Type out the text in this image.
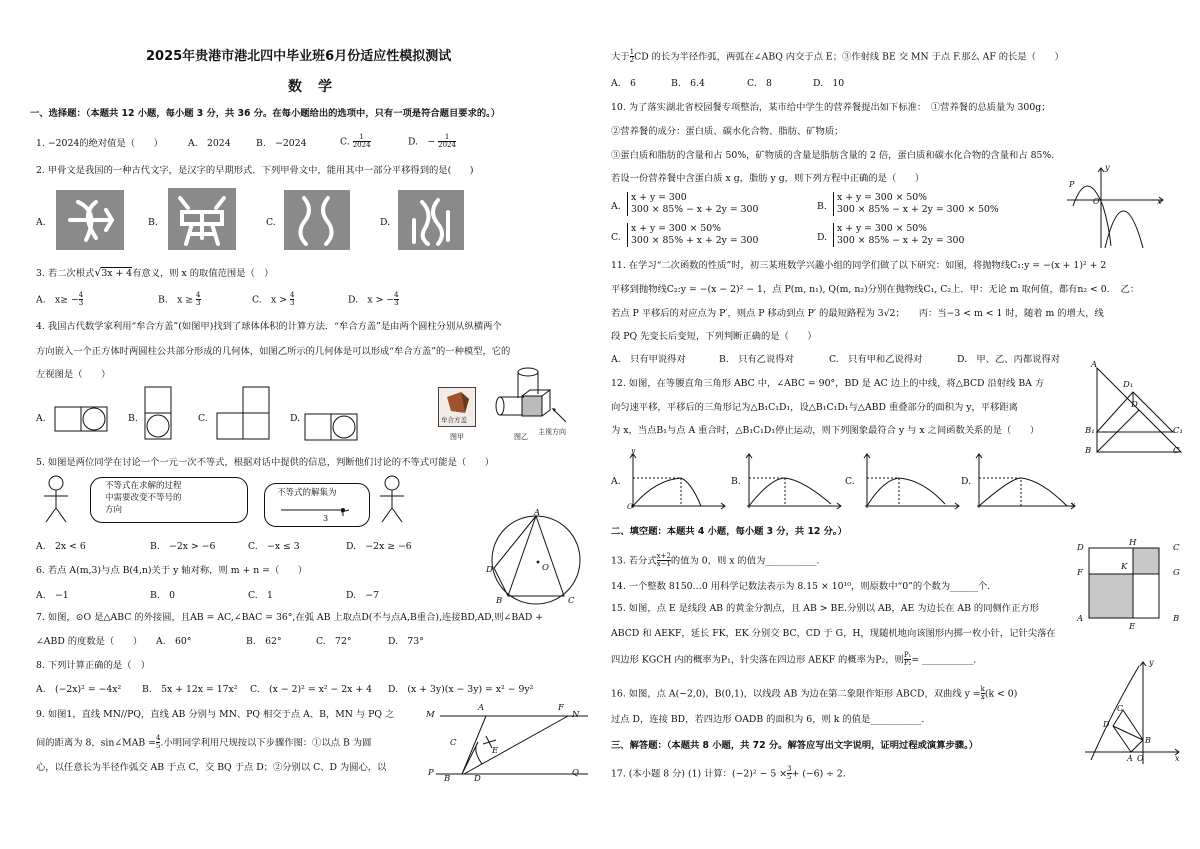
2025年贵港市港北四中毕业班6月份适应性模拟测试
数学
一、选择题：（本题共 12 小题，每小题 3 分，共 36 分。在每小题给出的选项中，只有一项是符合题目要求的。）
1. −2024的绝对值是（　　）	A.　2024	B.　−2024	C. $\frac{1}{2024}$	D.　− $\frac{1}{2024}$
2. 甲骨文是我国的一种古代文字，是汉字的早期形式．下列甲骨文中，能用其中一部分平移得到的是(　　)
A.	B.	C.	D.
3. 若二次根式√3x + 4有意义，则 x 的取值范围是（　）
A.　$x\ge - \frac{4}{3}$	B.　$x \ge \frac{4}{3}$	C.　$x > \frac{4}{3}$	D.　x > − $\frac{4}{3}$
4. 我国古代数学家利用“牟合方盖”(如图甲)找到了球体体积的计算方法．“牟合方盖”是由两个圆柱分别从纵横两个
方向嵌入一个正方体时两圆柱公共部分形成的几何体，如图乙所示的几何体是可以形成“牟合方盖”的一种模型，它的
左视图是（　　）
A.	B.	C.	D.	牟合方盖
图甲	图乙
主视方向
5. 如图是两位同学在讨论一个一元一次不等式，根据对话中提供的信息，判断他们讨论的不等式可能是（　　）
不等式在求解的过程
中需要改变不等号的
方向
不等式的解集为
3
A.　2x < 6	B.　−2x > −6	C.　−x ≤ 3	D.　−2x ≥ −6
A
D	O
B	C
6. 若点 A(m,3)与点 B(4,n)关于 y 轴对称，则 m + n =（　　）
A.　−1	B.　0	C.　1	D.　−7
7. 如图，⊙O 是△ABC 的外接圆，且AB = AC,∠BAC = 36°,在弧 AB 上取点D(不与点A,B重合),连接BD,AD,则∠BAD +
∠ABD 的度数是（　　） A.　60°	B.　62°	C.　72°	D.　73°
8. 下列计算正确的是（　）
A.　(−2x)² = −4x² B.　5x + 12x = 17x² C.　(x − 2)² = x² − 2x + 4 D.　(x + 3y)(x − 3y) = x² − 9y²
9. 如图1，直线 MN//PQ，直线 AB 分别与 MN、PQ 相交于点 A、B，MN 与 PQ 之
间的距离为 8，sin∠MAB = $\frac{4}{5}$ .小明同学利用尺规按以下步骤作图：①以点 B 为圆
心，以任意长为半径作弧交 AB 于点 C，交 BQ 于点 D；②分别以 C、D 为圆心，以
M
A	F
N
C
E
P
B	D
Q
大于 $\frac{1}{2}$ CD 的长为半径作弧，两弧在∠ABQ 内交于点 E；③作射线 BE 交 MN 于点 F.那么 AF 的长是（　　）
A.　6	B.　6.4	C.　8	D.　10
10. 为了落实湖北省校园餐专项整治，某市给中学生的营养餐提出如下标准：　①营养餐的总质量为 300g；
②营养餐的成分：蛋白质、碳水化合物、脂肪、矿物质；
③蛋白质和脂肪的含量和占 50%，矿物质的含量是脂肪含量的 2 倍，蛋白质和碳水化合物的含量和占 85%.
若设一份营养餐中含蛋白质 x g，脂肪 y g，则下列方程中正确的是（　　）
A.
x + y = 300
300 × 85% − x + 2y = 300	B.
x + y = 300 × 50%
300 × 85% − x + 2y = 300 × 50%
C.
x + y = 300 × 50%
300 × 85% + x + 2y = 300	D.
x + y = 300 × 50%
300 × 85% − x + 2y = 300
y
P
O	x
11. 在学习“二次函数的性质”时，初三某班数学兴趣小组的同学们做了以下研究：如图，将抛物线C₁:y = −(x + 1)² + 2
平移到抛物线C₂:y = −(x − 2)² − 1，点 P(m, n₁), Q(m, n₂)分别在抛物线C₁, C₂上．甲：无论 m 取何值，都有n₂ < 0．　乙：
若点 P 平移后的对应点为 P′，则点 P 移动到点 P′ 的最短路程为 3√2；　　丙：当−3 < m < 1 时，随着 m 的增大，线
段 PQ 先变长后变短，下列判断正确的是（　　）
A.　只有甲说得对	B.　只有乙说得对	C.　只有甲和乙说得对	D.　甲、乙、丙都说得对
12. 如图，在等腰直角三角形 ABC 中，∠ABC = 90°，BD 是 AC 边上的中线，将△BCD 沿射线 BA 方
向匀速平移，平移后的三角形记为△B₁C₁D₁，设△B₁C₁D₁与△ABD 重叠部分的面积为 y，平移距离
为 x，当点B₁与点 A 重合时，△B₁C₁D₁停止运动，则下列图象最符合 y 与 x 之间函数关系的是（　　）
A
D₁
D
B₁	C₁
B	C
A.	B.	C.	D.
y
O	x
二、填空题：本题共 4 小题，每小题 3 分，共 12 分。）
13. 若分式 $\frac{x+2}{x-1}$ 的值为 0，则 x 的值为___________.
14. 一个整数 8150…0 用科学记数法表示为 8.15 × 10¹⁰，则原数中“0”的个数为______个.
15. 如图，点 E 是线段 AB 的黄金分割点，且 AB > BE.分别以 AB，AE 为边长在 AB 的同侧作正方形
ABCD 和 AEKF，延长 FK，EK 分别交 BC，CD 于 G，H，现随机地向该图形内掷一枚小针，记针尖落在
四边形 KGCH 内的概率为P₁，针尖落在四边形 AEKF 的概率为P₂，则 $\frac{\text{P₁}}{\text{P₂}}$ = ___________.
D	H	C
K
F	G
A
E
B
16. 如图，点 A(−2,0)，B(0,1)，以线段 AB 为边在第二象限作矩形 ABCD，双曲线 $y = \frac{k}{x} (k < 0)$
过点 D，连接 BD，若四边形 OADB 的面积为 6，则 k 的值是___________.
y
D
C
B
A O	x
三、解答题：（本题共 8 小题，共 72 分。解答应写出文字说明，证明过程或演算步骤。）
17. (本小题 8 分) (1) 计算：$(-2)^2 - 5 \times \frac{3}{5} + (-6) \div 2$.
